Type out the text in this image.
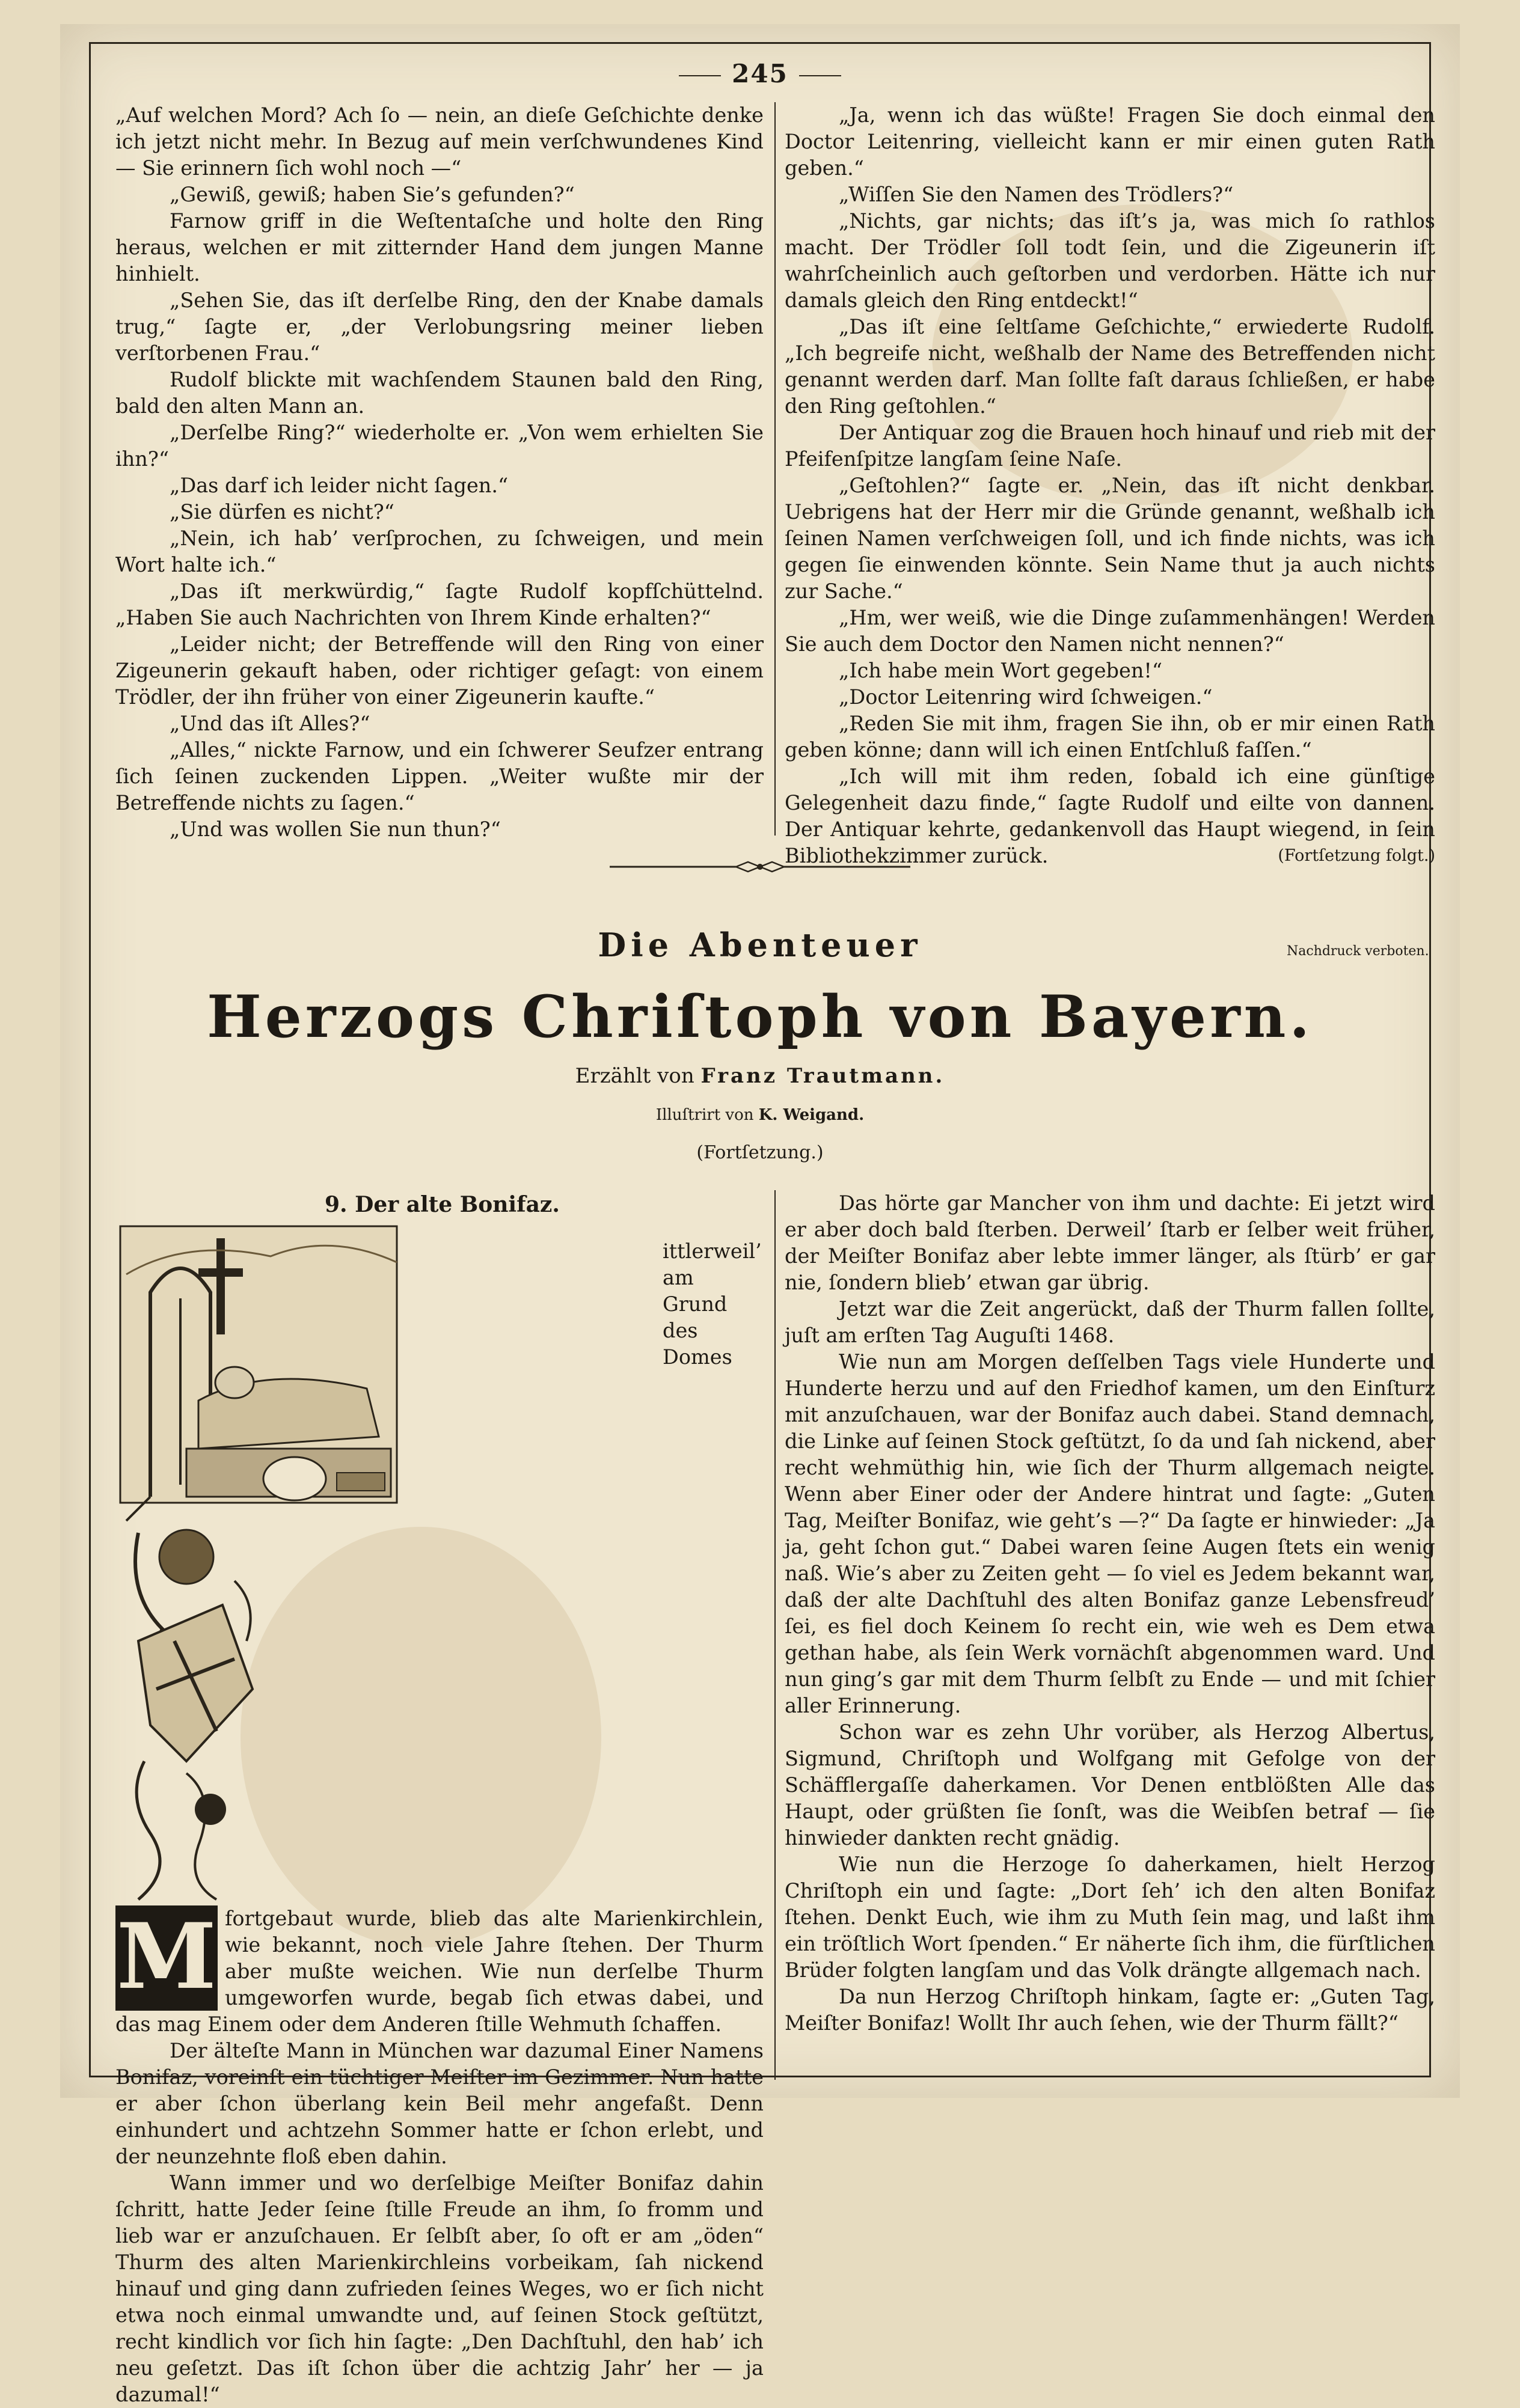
245

„Auf welchen Mord? Ach ſo — nein, an dieſe Geſchichte denke ich jetzt nicht mehr. In Bezug auf mein verſchwundenes Kind — Sie erinnern ſich wohl noch —“

„Gewiß, gewiß; haben Sie’s gefunden?“

Farnow griff in die Weſtentaſche und holte den Ring heraus, welchen er mit zitternder Hand dem jungen Manne hinhielt.

„Sehen Sie, das iſt derſelbe Ring, den der Knabe damals trug,“ ſagte er, „der Verlobungsring meiner lieben verſtorbenen Frau.“

Rudolf blickte mit wachſendem Staunen bald den Ring, bald den alten Mann an.

„Derſelbe Ring?“ wiederholte er. „Von wem erhielten Sie ihn?“

„Das darf ich leider nicht ſagen.“

„Sie dürfen es nicht?“

„Nein, ich hab’ verſprochen, zu ſchweigen, und mein Wort halte ich.“

„Das iſt merkwürdig,“ ſagte Rudolf kopfſchüttelnd. „Haben Sie auch Nachrichten von Ihrem Kinde erhalten?“

„Leider nicht; der Betreffende will den Ring von einer Zigeunerin gekauft haben, oder richtiger geſagt: von einem Trödler, der ihn früher von einer Zigeunerin kaufte.“

„Und das iſt Alles?“

„Alles,“ nickte Farnow, und ein ſchwerer Seufzer entrang ſich ſeinen zuckenden Lippen. „Weiter wußte mir der Betreffende nichts zu ſagen.“

„Und was wollen Sie nun thun?“

„Ja, wenn ich das wüßte! Fragen Sie doch einmal den Doctor Leitenring, vielleicht kann er mir einen guten Rath geben.“

„Wiſſen Sie den Namen des Trödlers?“

„Nichts, gar nichts; das iſt’s ja, was mich ſo rathlos macht. Der Trödler ſoll todt ſein, und die Zigeunerin iſt wahrſcheinlich auch geſtorben und verdorben. Hätte ich nur damals gleich den Ring entdeckt!“

„Das iſt eine ſeltſame Geſchichte,“ erwiederte Rudolf. „Ich begreife nicht, weßhalb der Name des Betreffenden nicht genannt werden darf. Man ſollte faſt daraus ſchließen, er habe den Ring geſtohlen.“

Der Antiquar zog die Brauen hoch hinauf und rieb mit der Pfeifenſpitze langſam ſeine Naſe.

„Geſtohlen?“ ſagte er. „Nein, das iſt nicht denkbar. Uebrigens hat der Herr mir die Gründe genannt, weßhalb ich ſeinen Namen verſchweigen ſoll, und ich finde nichts, was ich gegen ſie einwenden könnte. Sein Name thut ja auch nichts zur Sache.“

„Hm, wer weiß, wie die Dinge zuſammenhängen! Werden Sie auch dem Doctor den Namen nicht nennen?“

„Ich habe mein Wort gegeben!“

„Doctor Leitenring wird ſchweigen.“

„Reden Sie mit ihm, fragen Sie ihn, ob er mir einen Rath geben könne; dann will ich einen Entſchluß faſſen.“

„Ich will mit ihm reden, ſobald ich eine günſtige Gelegenheit dazu finde,“ ſagte Rudolf und eilte von dannen. Der Antiquar kehrte, gedankenvoll das Haupt wiegend, in ſein Bibliothekzimmer zurück.	(Fortſetzung folgt.)
Die Abenteuer	Nachdruck verboten.
Herzogs Chriſtoph von Bayern.
Erzählt von Franz Trautmann.
Illuſtrirt von K. Weigand.
(Fortſetzung.)
9. Der alte Bonifaz.

M
ittlerweil’ am Grund des Domes fortgebaut wurde, blieb das alte Marienkirchlein, wie bekannt, noch viele Jahre ſtehen. Der Thurm aber mußte weichen. Wie nun derſelbe Thurm umgeworfen wurde, begab ſich etwas dabei, und das mag Einem oder dem Anderen ſtille Wehmuth ſchaffen.

Der älteſte Mann in München war dazumal Einer Namens Bonifaz, voreinſt ein tüchtiger Meiſter im Gezimmer. Nun hatte er aber ſchon überlang kein Beil mehr angefaßt. Denn einhundert und achtzehn Sommer hatte er ſchon erlebt, und der neunzehnte floß eben dahin.

Wann immer und wo derſelbige Meiſter Bonifaz dahin ſchritt, hatte Jeder ſeine ſtille Freude an ihm, ſo fromm und lieb war er anzuſchauen. Er ſelbſt aber, ſo oft er am „öden“ Thurm des alten Marienkirchleins vorbeikam, ſah nickend hinauf und ging dann zufrieden ſeines Weges, wo er ſich nicht etwa noch einmal umwandte und, auf ſeinen Stock geſtützt, recht kindlich vor ſich hin ſagte: „Den Dachſtuhl, den hab’ ich neu geſetzt. Das iſt ſchon über die achtzig Jahr’ her — ja dazumal!“

Das hörte gar Mancher von ihm und dachte: Ei jetzt wird er aber doch bald ſterben. Derweil’ ſtarb er ſelber weit früher, der Meiſter Bonifaz aber lebte immer länger, als ſtürb’ er gar nie, ſondern blieb’ etwan gar übrig.

Jetzt war die Zeit angerückt, daß der Thurm fallen ſollte, juſt am erſten Tag Auguſti 1468.

Wie nun am Morgen deſſelben Tags viele Hunderte und Hunderte herzu und auf den Friedhof kamen, um den Einſturz mit anzuſchauen, war der Bonifaz auch dabei. Stand demnach, die Linke auf ſeinen Stock geſtützt, ſo da und ſah nickend, aber recht wehmüthig hin, wie ſich der Thurm allgemach neigte. Wenn aber Einer oder der Andere hintrat und ſagte: „Guten Tag, Meiſter Bonifaz, wie geht’s —?“ Da ſagte er hinwieder: „Ja ja, geht ſchon gut.“ Dabei waren ſeine Augen ſtets ein wenig naß. Wie’s aber zu Zeiten geht — ſo viel es Jedem bekannt war, daß der alte Dachſtuhl des alten Bonifaz ganze Lebensfreud’ ſei, es fiel doch Keinem ſo recht ein, wie weh es Dem etwa gethan habe, als ſein Werk vornächſt abgenommen ward. Und nun ging’s gar mit dem Thurm ſelbſt zu Ende — und mit ſchier aller Erinnerung.

Schon war es zehn Uhr vorüber, als Herzog Albertus, Sigmund, Chriſtoph und Wolfgang mit Gefolge von der Schäfflergaſſe daherkamen. Vor Denen entblößten Alle das Haupt, oder grüßten ſie ſonſt, was die Weibſen betraf — ſie hinwieder dankten recht gnädig.

Wie nun die Herzoge ſo daherkamen, hielt Herzog Chriſtoph ein und ſagte: „Dort ſeh’ ich den alten Bonifaz ſtehen. Denkt Euch, wie ihm zu Muth ſein mag, und laßt ihm ein tröſtlich Wort ſpenden.“ Er näherte ſich ihm, die fürſtlichen Brüder folgten langſam und das Volk drängte allgemach nach.

Da nun Herzog Chriſtoph hinkam, ſagte er: „Guten Tag, Meiſter Bonifaz! Wollt Ihr auch ſehen, wie der Thurm fällt?“
